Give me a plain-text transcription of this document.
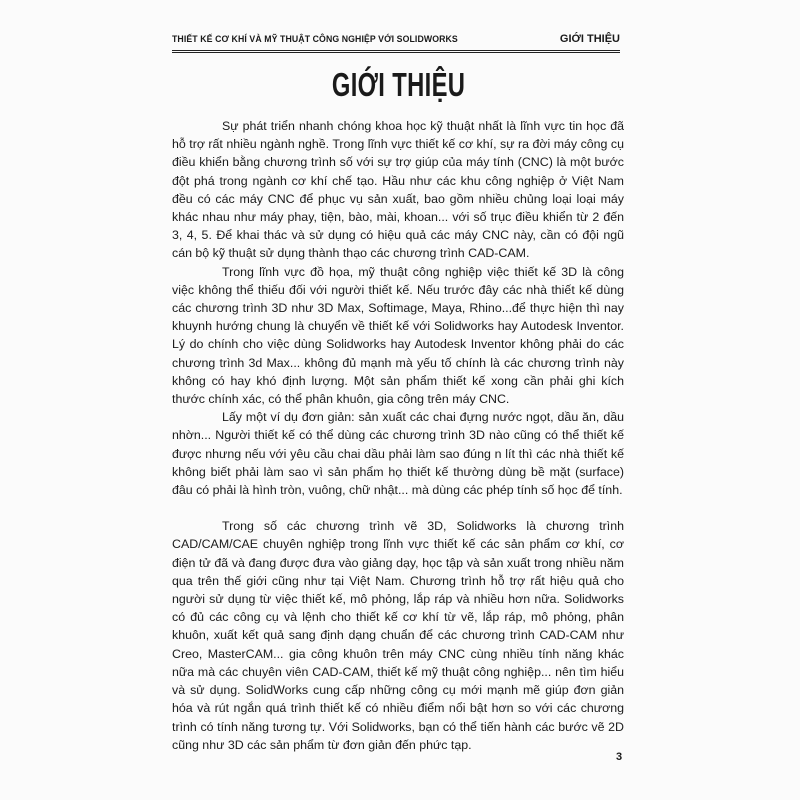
THIẾT KẾ CƠ KHÍ VÀ MỸ THUẬT CÔNG NGHIỆP VỚI SOLIDWORKS	GIỚI THIỆU
GIỚI THIỆU

Sự phát triển nhanh chóng khoa học kỹ thuật nhất là lĩnh vực tin học đã hỗ trợ rất nhiều ngành nghề. Trong lĩnh vực thiết kế cơ khí, sự ra đời máy công cụ điều khiển bằng chương trình số với sự trợ giúp của máy tính (CNC) là một bước đột phá trong ngành cơ khí chế tạo. Hầu như các khu công nghiệp ở Việt Nam đều có các máy CNC để phục vụ sản xuất, bao gồm nhiều chủng loại loại máy khác nhau như máy phay, tiện, bào, mài, khoan... với số trục điều khiển từ 2 đến 3, 4, 5. Để khai thác và sử dụng có hiệu quả các máy CNC này, cần có đội ngũ cán bộ kỹ thuật sử dụng thành thạo các chương trình CAD-CAM.

Trong lĩnh vực đồ họa, mỹ thuật công nghiệp việc thiết kế 3D là công việc không thể thiếu đối với người thiết kế. Nếu trước đây các nhà thiết kế dùng các chương trình 3D như 3D Max, Softimage, Maya, Rhino...để thực hiện thì nay khuynh hướng chung là chuyển về thiết kế với Solidworks hay Autodesk Inventor. Lý do chính cho việc dùng Solidworks hay Autodesk Inventor không phải do các chương trình 3d Max... không đủ mạnh mà yếu tố chính là các chương trình này không có hay khó định lượng. Một sản phẩm thiết kế xong cần phải ghi kích thước chính xác, có thể phân khuôn, gia công trên máy CNC.

Lấy một ví dụ đơn giản: sản xuất các chai đựng nước ngọt, dầu ăn, dầu nhờn... Người thiết kế có thể dùng các chương trình 3D nào cũng có thể thiết kế được nhưng nếu với yêu cầu chai dầu phải làm sao đúng n lít thì các nhà thiết kế không biết phải làm sao vì sản phẩm họ thiết kế thường dùng bề mặt (surface) đâu có phải là hình tròn, vuông, chữ nhật... mà dùng các phép tính số học để tính.

Trong số các chương trình vẽ 3D, Solidworks là chương trình CAD/CAM/CAE chuyên nghiệp trong lĩnh vực thiết kế các sản phẩm cơ khí, cơ điện tử đã và đang được đưa vào giảng dạy, học tập và sản xuất trong nhiều năm qua trên thế giới cũng như tại Việt Nam. Chương trình hỗ trợ rất hiệu quả cho người sử dụng từ việc thiết kế, mô phỏng, lắp ráp và nhiều hơn nữa. Solidworks có đủ các công cụ và lệnh cho thiết kế cơ khí từ vẽ, lắp ráp, mô phỏng, phân khuôn, xuất kết quả sang định dạng chuẩn để các chương trình CAD-CAM như Creo, MasterCAM... gia công khuôn trên máy CNC cùng nhiều tính năng khác nữa mà các chuyên viên CAD-CAM, thiết kế mỹ thuật công nghiệp... nên tìm hiểu và sử dụng. SolidWorks cung cấp những công cụ mới mạnh mẽ giúp đơn giản hóa và rút ngắn quá trình thiết kế có nhiều điểm nổi bật hơn so với các chương trình có tính năng tương tự. Với Solidworks, bạn có thể tiến hành các bước vẽ 2D cũng như 3D các sản phẩm từ đơn giản đến phức tạp.

3
